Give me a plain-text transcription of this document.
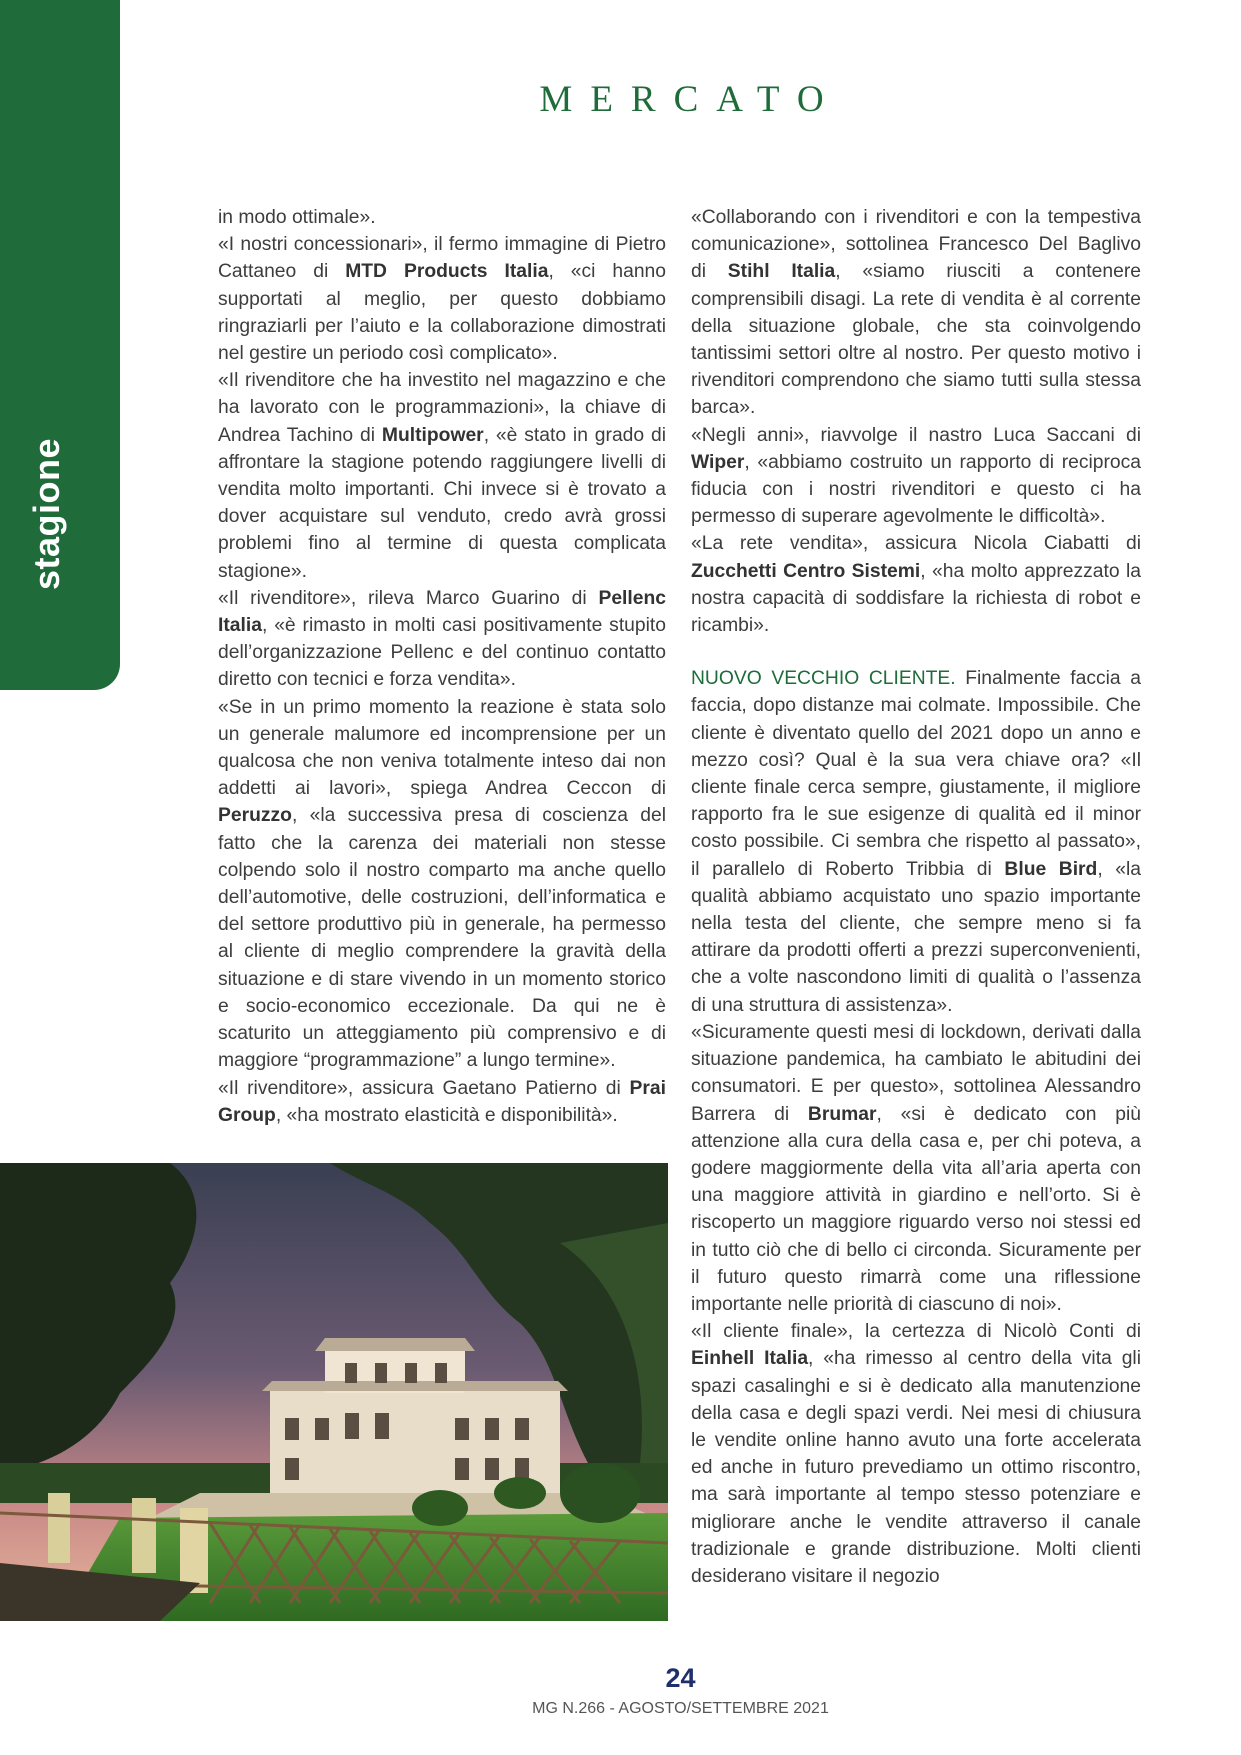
stagione
MERCATO

in modo ottimale».

«I nostri concessionari», il fermo immagine di Pietro Cattaneo di MTD Products Italia, «ci hanno supportati al meglio, per questo dobbiamo ringraziarli per l’aiuto e la collaborazione dimostrati nel gestire un periodo così complicato».

«Il rivenditore che ha investito nel magazzino e che ha lavorato con le programmazioni», la chiave di Andrea Tachino di Multipower, «è stato in grado di affrontare la stagione potendo raggiungere livelli di vendita molto importanti. Chi invece si è trovato a dover acquistare sul venduto, credo avrà grossi problemi fino al termine di questa complicata stagione».

«Il rivenditore», rileva Marco Guarino di Pellenc Italia, «è rimasto in molti casi positivamente stupito dell’organizzazione Pellenc e del continuo contatto diretto con tecnici e forza vendita».

«Se in un primo momento la reazione è stata solo un generale malumore ed incomprensione per un qualcosa che non veniva totalmente inteso dai non addetti ai lavori», spiega Andrea Ceccon di Peruzzo, «la successiva presa di coscienza del fatto che la carenza dei materiali non stesse colpendo solo il nostro comparto ma anche quello dell’automotive, delle costruzioni, dell’informatica e del settore produttivo più in generale, ha permesso al cliente di meglio comprendere la gravità della situazione e di stare vivendo in un momento storico e socio-economico eccezionale. Da qui ne è scaturito un atteggiamento più comprensivo e di maggiore “programmazione” a lungo termine».

«Il rivenditore», assicura Gaetano Patierno di Prai Group, «ha mostrato elasticità e disponibilità».

«Collaborando con i rivenditori e con la tempestiva comunicazione», sottolinea Francesco Del Baglivo di Stihl Italia, «siamo riusciti a contenere comprensibili disagi. La rete di vendita è al corrente della situazione globale, che sta coinvolgendo tantissimi settori oltre al nostro. Per questo motivo i rivenditori comprendono che siamo tutti sulla stessa barca».

«Negli anni», riavvolge il nastro Luca Saccani di Wiper, «abbiamo costruito un rapporto di reciproca fiducia con i nostri rivenditori e questo ci ha permesso di superare agevolmente le difficoltà».

«La rete vendita», assicura Nicola Ciabatti di Zucchetti Centro Sistemi, «ha molto apprezzato la nostra capacità di soddisfare la richiesta di robot e ricambi».

NUOVO VECCHIO CLIENTE. Finalmente faccia a faccia, dopo distanze mai colmate. Impossibile. Che cliente è diventato quello del 2021 dopo un anno e mezzo così? Qual è la sua vera chiave ora? «Il cliente finale cerca sempre, giustamente, il migliore rapporto fra le sue esigenze di qualità ed il minor costo possibile. Ci sembra che rispetto al passato», il parallelo di Roberto Tribbia di Blue Bird, «la qualità abbiamo acquistato uno spazio importante nella testa del cliente, che sempre meno si fa attirare da prodotti offerti a prezzi superconvenienti, che a volte nascondono limiti di qualità o l’assenza di una struttura di assistenza».

«Sicuramente questi mesi di lockdown, derivati dalla situazione pandemica, ha cambiato le abitudini dei consumatori. E per questo», sottolinea Alessandro Barrera di Brumar, «si è dedicato con più attenzione alla cura della casa e, per chi poteva, a godere maggiormente della vita all’aria aperta con una maggiore attività in giardino e nell’orto. Si è riscoperto un maggiore riguardo verso noi stessi ed in tutto ciò che di bello ci circonda. Sicuramente per il futuro questo rimarrà come una riflessione importante nelle priorità di ciascuno di noi».

«Il cliente finale», la certezza di Nicolò Conti di Einhell Italia, «ha rimesso al centro della vita gli spazi casalinghi e si è dedicato alla manutenzione della casa e degli spazi verdi. Nei mesi di chiusura le vendite online hanno avuto una forte accelerata ed anche in futuro prevediamo un ottimo riscontro, ma sarà importante al tempo stesso potenziare e migliorare anche le vendite attraverso il canale tradizionale e grande distribuzione. Molti clienti desiderano visitare il negozio

24
MG N.266 - AGOSTO/SETTEMBRE 2021
